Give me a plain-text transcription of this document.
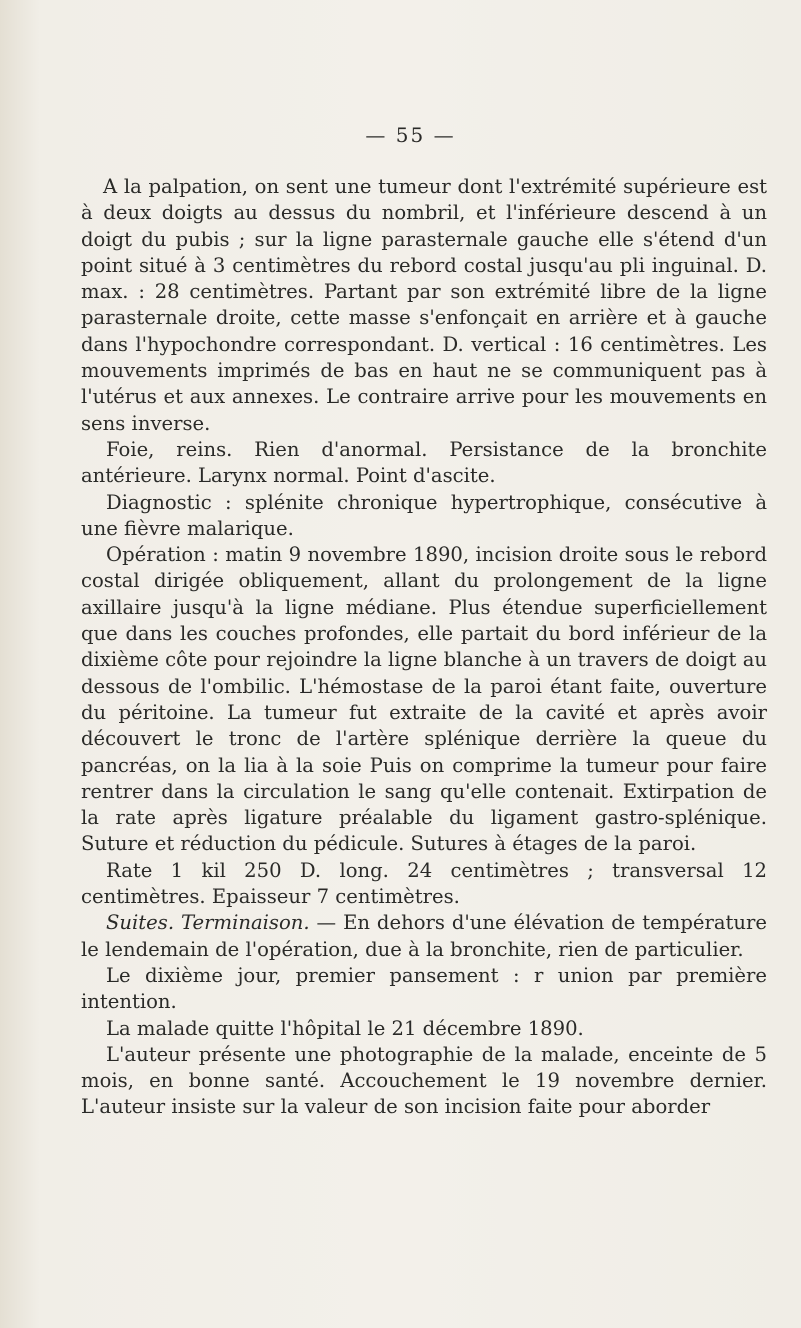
— 55 —

A la palpation, on sent une tumeur dont l'extrémité supérieure est à deux doigts au dessus du nombril, et l'inférieure descend à un doigt du pubis ; sur la ligne parasternale gauche elle s'étend d'un point situé à 3 centimètres du rebord costal jusqu'au pli inguinal. D. max. : 28 centimètres. Partant par son extrémité libre de la ligne parasternale droite, cette masse s'enfonçait en arrière et à gauche dans l'hypochondre correspondant. D. vertical : 16 centimètres. Les mouvements imprimés de bas en haut ne se communiquent pas à l'utérus et aux annexes. Le contraire arrive pour les mouvements en sens inverse.

Foie, reins. Rien d'anormal. Persistance de la bronchite antérieure. Larynx normal. Point d'ascite.

Diagnostic : splénite chronique hypertrophique, consécutive à une fièvre malarique.

Opération : matin 9 novembre 1890, incision droite sous le rebord costal dirigée obliquement, allant du prolongement de la ligne axillaire jusqu'à la ligne médiane. Plus étendue superficiellement que dans les couches profondes, elle partait du bord inférieur de la dixième côte pour rejoindre la ligne blanche à un travers de doigt au dessous de l'ombilic. L'hémostase de la paroi étant faite, ouverture du péritoine. La tumeur fut extraite de la cavité et après avoir découvert le tronc de l'artère splénique derrière la queue du pancréas, on la lia à la soie Puis on comprime la tumeur pour faire rentrer dans la circulation le sang qu'elle contenait. Extirpation de la rate après ligature préalable du ligament gastro-splénique. Suture et réduction du pédicule. Sutures à étages de la paroi.

Rate 1 kil 250 D. long. 24 centimètres ; transversal 12 centimètres. Epaisseur 7 centimètres.

Suites. Terminaison. — En dehors d'une élévation de température le lendemain de l'opération, due à la bronchite, rien de particulier.

Le dixième jour, premier pansement : r union par première intention.

La malade quitte l'hôpital le 21 décembre 1890.

L'auteur présente une photographie de la malade, enceinte de 5 mois, en bonne santé. Accouchement le 19 novembre dernier. L'auteur insiste sur la valeur de son incision faite pour aborder
